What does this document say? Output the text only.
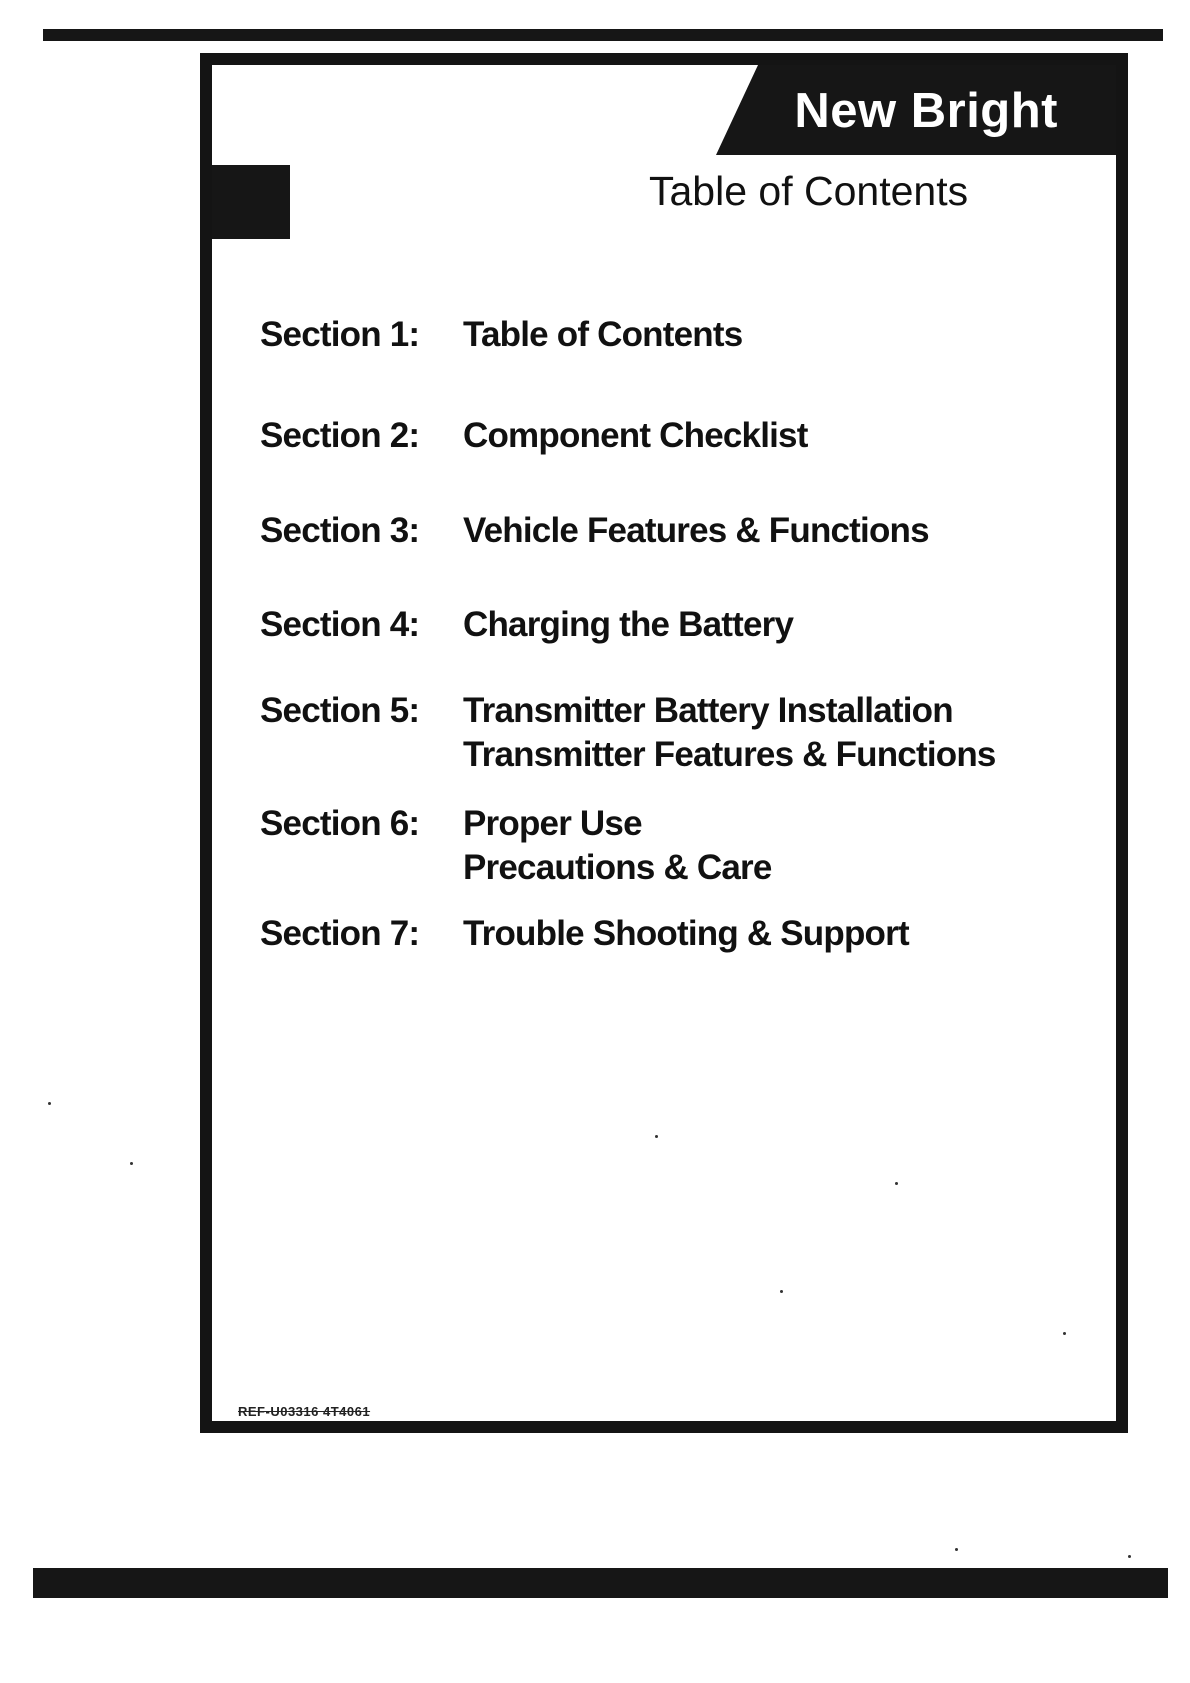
New Bright
Table of Contents
Section 1:	Table of Contents
Section 2:	Component Checklist
Section 3:	Vehicle Features & Functions
Section 4:	Charging the Battery
Section 5:	Transmitter Battery Installation
Transmitter Features & Functions
Section 6:	Proper Use
Precautions & Care
Section 7:	Trouble Shooting & Support
REF-U03316 4T4061
